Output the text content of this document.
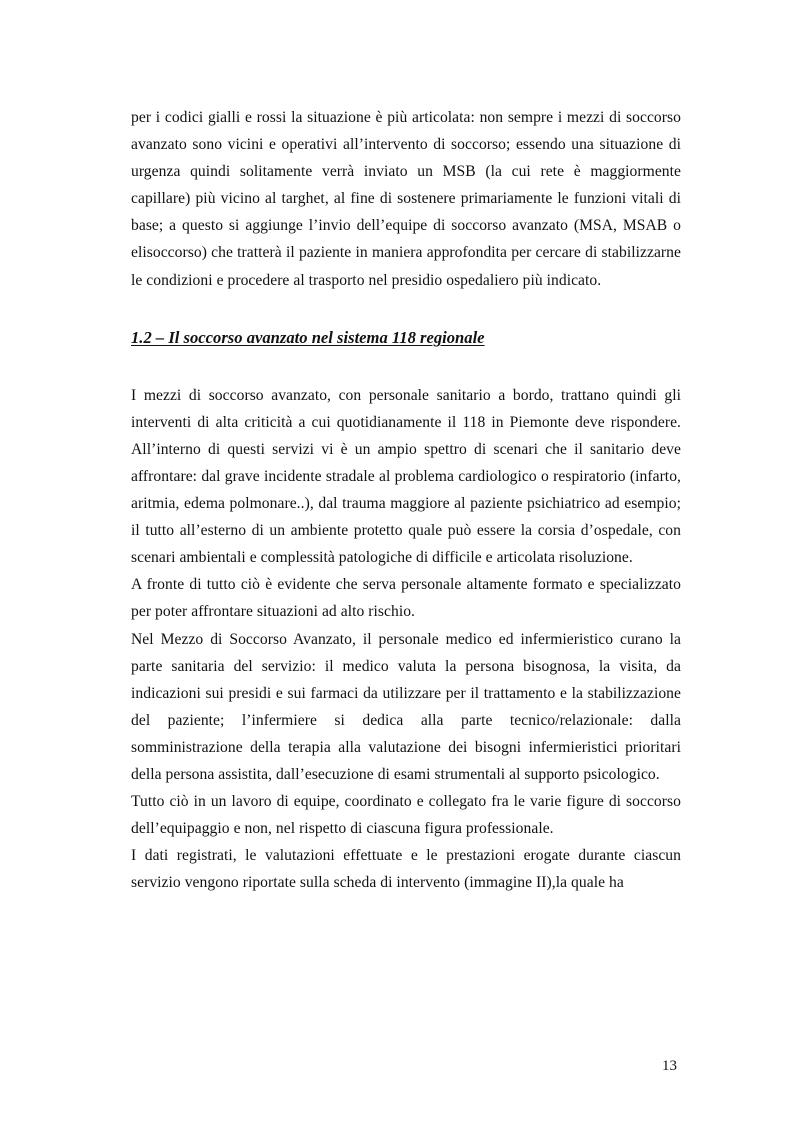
per i codici gialli e rossi la situazione è più articolata: non sempre i mezzi di soccorso avanzato sono vicini e operativi all’intervento di soccorso; essendo una situazione di urgenza quindi solitamente verrà inviato un MSB (la cui rete è maggiormente capillare) più vicino al targhet, al fine di sostenere primariamente le funzioni vitali di base; a questo si aggiunge l’invio dell’equipe di soccorso avanzato (MSA, MSAB o elisoccorso) che tratterà il paziente in maniera approfondita per cercare di stabilizzarne le condizioni e procedere al trasporto nel presidio ospedaliero più indicato.

1.2 – Il soccorso avanzato nel sistema 118 regionale

I mezzi di soccorso avanzato, con personale sanitario a bordo, trattano quindi gli interventi di alta criticità a cui quotidianamente il 118 in Piemonte deve rispondere. All’interno di questi servizi vi è un ampio spettro di scenari che il sanitario deve affrontare: dal grave incidente stradale al problema cardiologico o respiratorio (infarto, aritmia, edema polmonare..), dal trauma maggiore al paziente psichiatrico ad esempio; il tutto all’esterno di un ambiente protetto quale può essere la corsia d’ospedale, con scenari ambientali e complessità patologiche di difficile e articolata risoluzione.

A fronte di tutto ciò è evidente che serva personale altamente formato e specializzato per poter affrontare situazioni ad alto rischio.

Nel Mezzo di Soccorso Avanzato, il personale medico ed infermieristico curano la parte sanitaria del servizio: il medico valuta la persona bisognosa, la visita, da indicazioni sui presidi e sui farmaci da utilizzare per il trattamento e la stabilizzazione del paziente; l’infermiere si dedica alla parte tecnico/relazionale: dalla somministrazione della terapia alla valutazione dei bisogni infermieristici prioritari della persona assistita, dall’esecuzione di esami strumentali al supporto psicologico.

Tutto ciò in un lavoro di equipe, coordinato e collegato fra le varie figure di soccorso dell’equipaggio e non, nel rispetto di ciascuna figura professionale.

I dati registrati, le valutazioni effettuate e le prestazioni erogate durante ciascun servizio vengono riportate sulla scheda di intervento (immagine II),la quale ha

13
